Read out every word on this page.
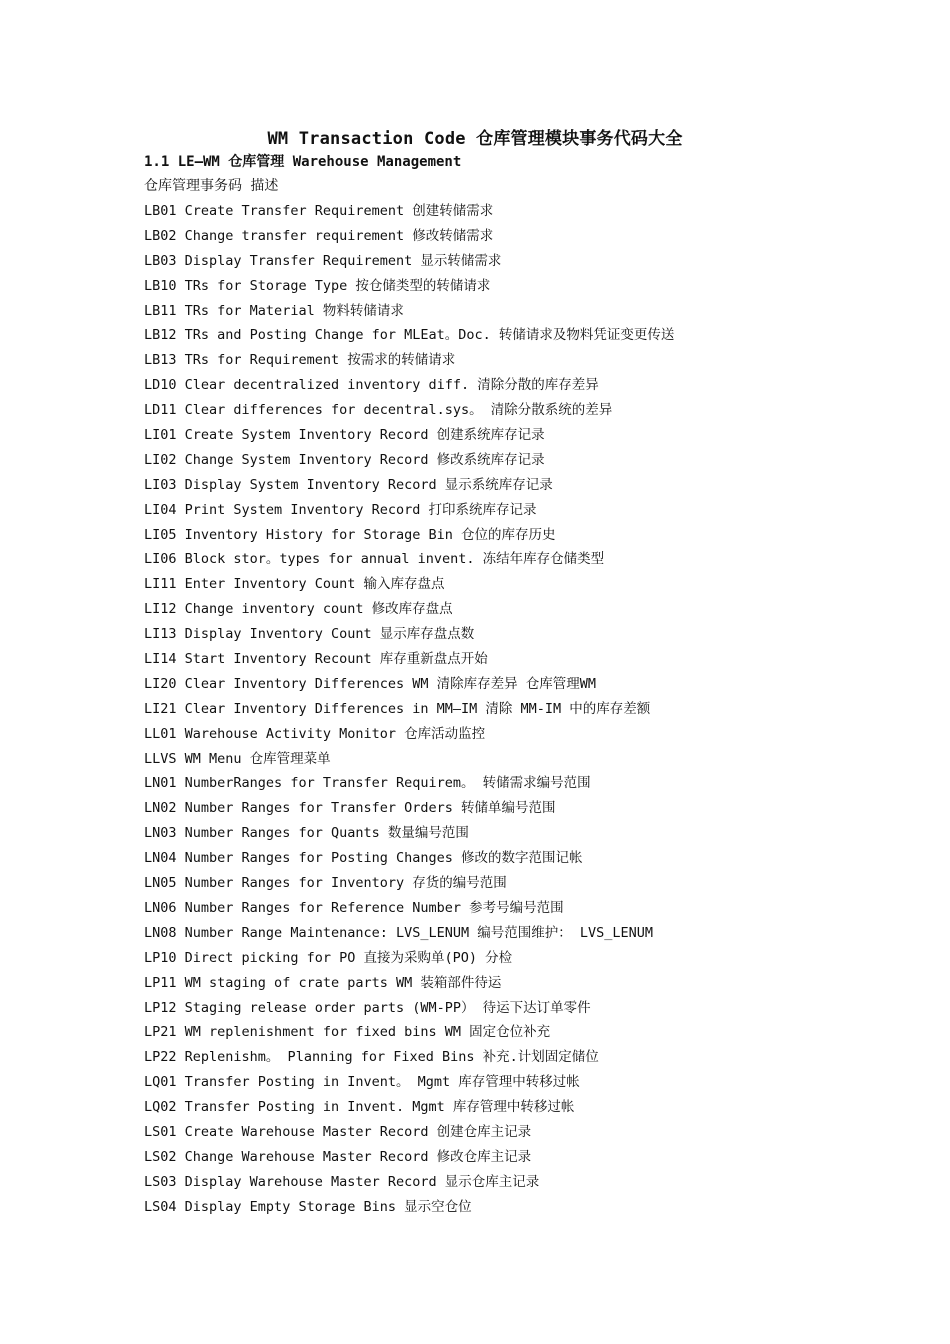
WM Transaction Code 仓库管理模块事务代码大全
1.1 LE—WM 仓库管理 Warehouse Management
仓库管理事务码 描述
LB01 Create Transfer Requirement 创建转储需求
LB02 Change transfer requirement 修改转储需求
LB03 Display Transfer Requirement 显示转储需求
LB10 TRs for Storage Type 按仓储类型的转储请求
LB11 TRs for Material 物料转储请求
LB12 TRs and Posting Change for MLEat。Doc. 转储请求及物料凭证变更传送
LB13 TRs for Requirement 按需求的转储请求
LD10 Clear decentralized inventory diff. 清除分散的库存差异
LD11 Clear differences for decentral.sys。 清除分散系统的差异
LI01 Create System Inventory Record 创建系统库存记录
LI02 Change System Inventory Record 修改系统库存记录
LI03 Display System Inventory Record 显示系统库存记录
LI04 Print System Inventory Record 打印系统库存记录
LI05 Inventory History for Storage Bin 仓位的库存历史
LI06 Block stor。types for annual invent. 冻结年库存仓储类型
LI11 Enter Inventory Count 输入库存盘点
LI12 Change inventory count 修改库存盘点
LI13 Display Inventory Count 显示库存盘点数
LI14 Start Inventory Recount 库存重新盘点开始
LI20 Clear Inventory Differences WM 清除库存差异 仓库管理WM
LI21 Clear Inventory Differences in MM—IM 清除 MM-IM 中的库存差额
LL01 Warehouse Activity Monitor 仓库活动监控
LLVS WM Menu 仓库管理菜单
LN01 NumberRanges for Transfer Requirem。 转储需求编号范围
LN02 Number Ranges for Transfer Orders 转储单编号范围
LN03 Number Ranges for Quants 数量编号范围
LN04 Number Ranges for Posting Changes 修改的数字范围记帐
LN05 Number Ranges for Inventory 存货的编号范围
LN06 Number Ranges for Reference Number 参考号编号范围
LN08 Number Range Maintenance: LVS_LENUM 编号范围维护： LVS_LENUM
LP10 Direct picking for PO 直接为采购单(PO) 分检
LP11 WM staging of crate parts WM 装箱部件待运
LP12 Staging release order parts (WM-PP） 待运下达订单零件
LP21 WM replenishment for fixed bins WM 固定仓位补充
LP22 Replenishm。 Planning for Fixed Bins 补充.计划固定储位
LQ01 Transfer Posting in Invent。 Mgmt 库存管理中转移过帐
LQ02 Transfer Posting in Invent. Mgmt 库存管理中转移过帐
LS01 Create Warehouse Master Record 创建仓库主记录
LS02 Change Warehouse Master Record 修改仓库主记录
LS03 Display Warehouse Master Record 显示仓库主记录
LS04 Display Empty Storage Bins 显示空仓位
